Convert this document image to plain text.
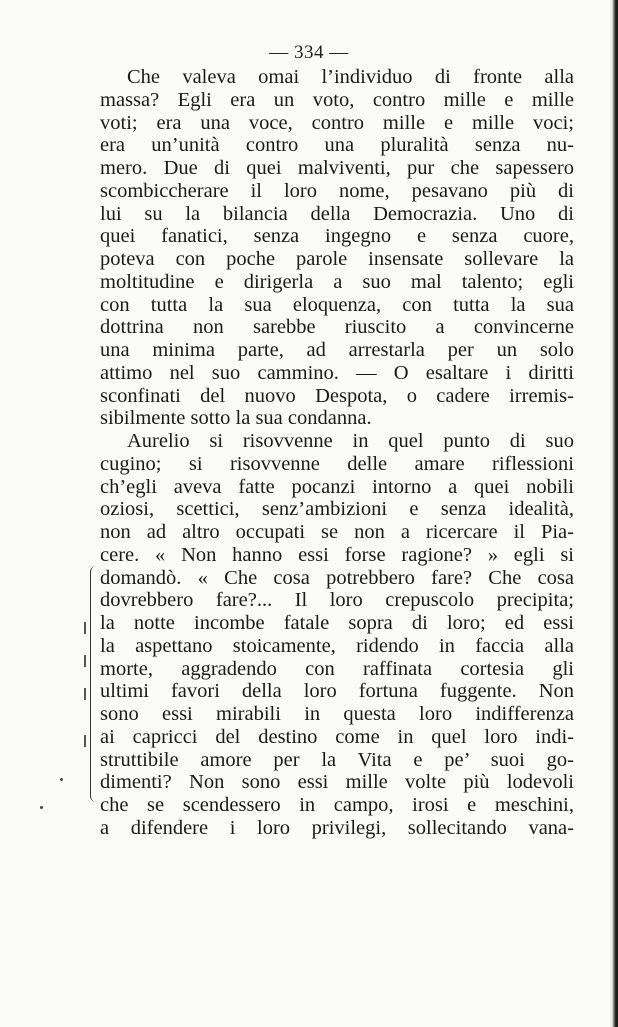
— 334 —
Che valeva omai l’individuo di fronte alla
massa? Egli era un voto, contro mille e mille
voti; era una voce, contro mille e mille voci;
era un’unità contro una pluralità senza nu-
mero. Due di quei malviventi, pur che sapessero
scombiccherare il loro nome, pesavano più di
lui su la bilancia della Democrazia. Uno di
quei fanatici, senza ingegno e senza cuore,
poteva con poche parole insensate sollevare la
moltitudine e dirigerla a suo mal talento; egli
con tutta la sua eloquenza, con tutta la sua
dottrina non sarebbe riuscito a convincerne
una minima parte, ad arrestarla per un solo
attimo nel suo cammino. — O esaltare i diritti
sconfinati del nuovo Despota, o cadere irremis-
sibilmente sotto la sua condanna.
Aurelio si risovvenne in quel punto di suo
cugino; si risovvenne delle amare riflessioni
ch’egli aveva fatte pocanzi intorno a quei nobili
oziosi, scettici, senz’ambizioni e senza idealità,
non ad altro occupati se non a ricercare il Pia-
cere. « Non hanno essi forse ragione? » egli si
domandò. « Che cosa potrebbero fare? Che cosa
dovrebbero fare?... Il loro crepuscolo precipita;
la notte incombe fatale sopra di loro; ed essi
la aspettano stoicamente, ridendo in faccia alla
morte, aggradendo con raffinata cortesia gli
ultimi favori della loro fortuna fuggente. Non
sono essi mirabili in questa loro indifferenza
ai capricci del destino come in quel loro indi-
struttibile amore per la Vita e pe’ suoi go-
dimenti? Non sono essi mille volte più lodevoli
che se scendessero in campo, irosi e meschini,
a difendere i loro privilegi, sollecitando vana-
